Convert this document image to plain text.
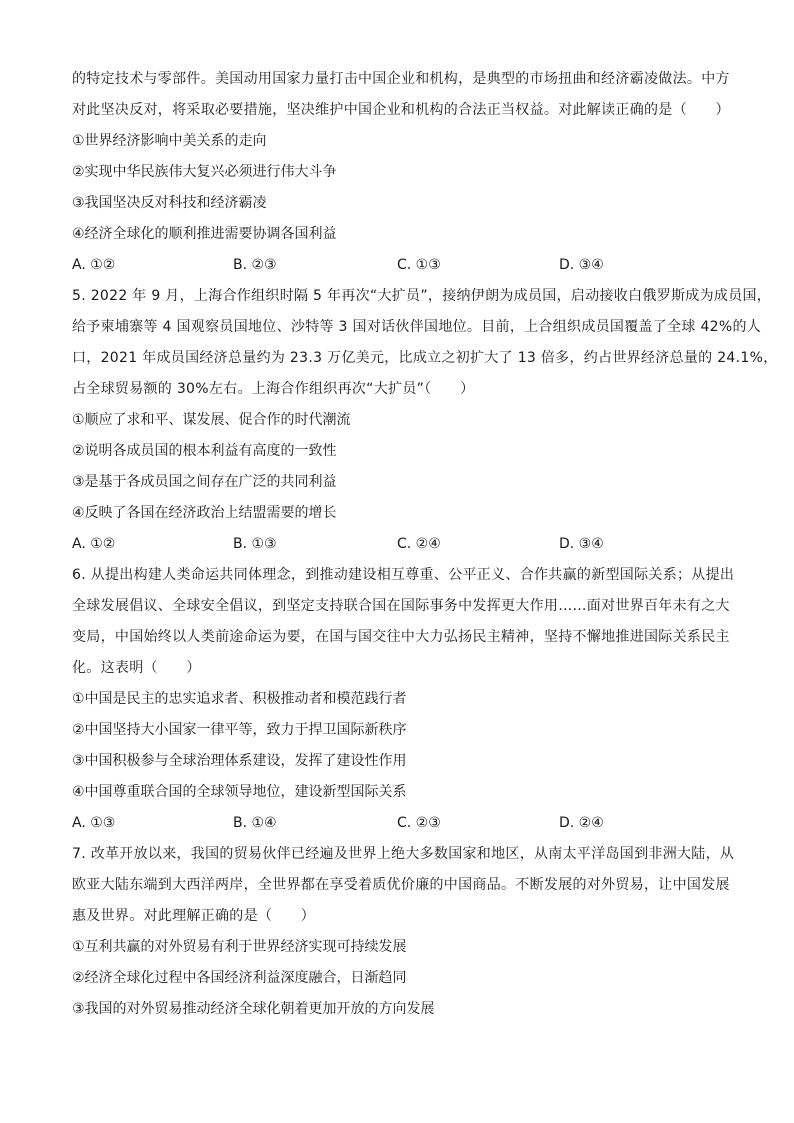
的特定技术与零部件。美国动用国家力量打击中国企业和机构，是典型的市场扭曲和经济霸凌做法。中方
对此坚决反对，将采取必要措施，坚决维护中国企业和机构的合法正当权益。对此解读正确的是（　　）
①世界经济影响中美关系的走向
②实现中华民族伟大复兴必须进行伟大斗争
③我国坚决反对科技和经济霸凌
④经济全球化的顺利推进需要协调各国利益
A. ①②	B. ②③	C. ①③	D. ③④
5. 2022 年 9 月，上海合作组织时隔 5 年再次“大扩员”，接纳伊朗为成员国，启动接收白俄罗斯成为成员国，
给予柬埔寨等 4 国观察员国地位、沙特等 3 国对话伙伴国地位。目前，上合组织成员国覆盖了全球 42%的人
口，2021 年成员国经济总量约为 23.3 万亿美元，比成立之初扩大了 13 倍多，约占世界经济总量的 24.1%，
占全球贸易额的 30%左右。上海合作组织再次“大扩员”（　　）
①顺应了求和平、谋发展、促合作的时代潮流
②说明各成员国的根本利益有高度的一致性
③是基于各成员国之间存在广泛的共同利益
④反映了各国在经济政治上结盟需要的增长
A. ①②	B. ①③	C. ②④	D. ③④
6. 从提出构建人类命运共同体理念，到推动建设相互尊重、公平正义、合作共赢的新型国际关系；从提出
全球发展倡议、全球安全倡议，到坚定支持联合国在国际事务中发挥更大作用……面对世界百年未有之大
变局，中国始终以人类前途命运为要，在国与国交往中大力弘扬民主精神，坚持不懈地推进国际关系民主
化。这表明（　　）
①中国是民主的忠实追求者、积极推动者和模范践行者
②中国坚持大小国家一律平等，致力于捍卫国际新秩序
③中国积极参与全球治理体系建设，发挥了建设性作用
④中国尊重联合国的全球领导地位，建设新型国际关系
A. ①③	B. ①④	C. ②③	D. ②④
7. 改革开放以来，我国的贸易伙伴已经遍及世界上绝大多数国家和地区，从南太平洋岛国到非洲大陆，从
欧亚大陆东端到大西洋两岸，全世界都在享受着质优价廉的中国商品。不断发展的对外贸易，让中国发展
惠及世界。对此理解正确的是（　　）
①互利共赢的对外贸易有利于世界经济实现可持续发展
②经济全球化过程中各国经济利益深度融合，日渐趋同
③我国的对外贸易推动经济全球化朝着更加开放的方向发展
